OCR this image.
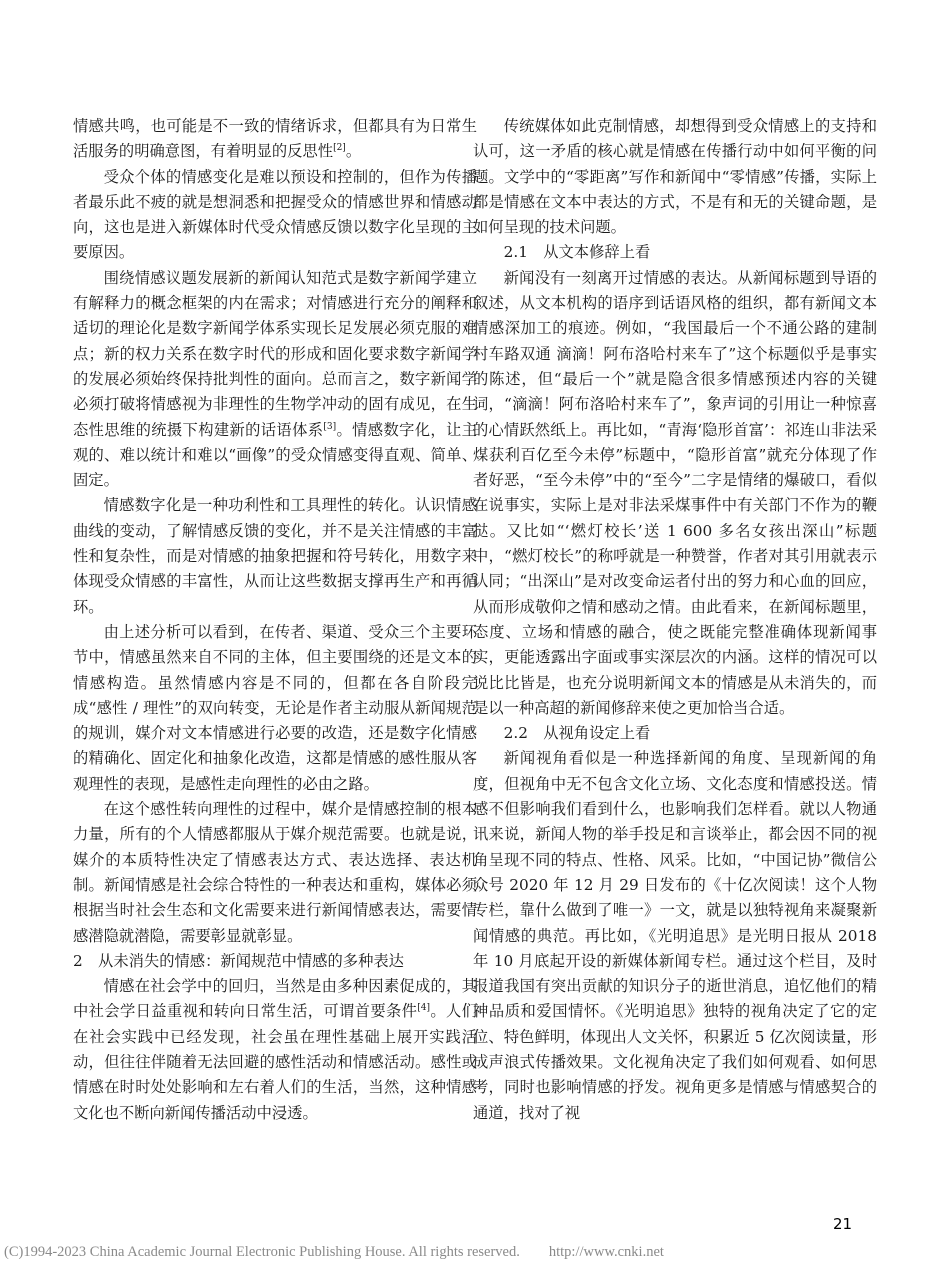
情感共鸣，也可能是不一致的情绪诉求，但都具有为日常生活服务的明确意图，有着明显的反思性[2]。

受众个体的情感变化是难以预设和控制的，但作为传播者最乐此不疲的就是想洞悉和把握受众的情感世界和情感动向，这也是进入新媒体时代受众情感反馈以数字化呈现的主要原因。

围绕情感议题发展新的新闻认知范式是数字新闻学建立有解释力的概念框架的内在需求；对情感进行充分的阐释和适切的理论化是数字新闻学体系实现长足发展必须克服的难点；新的权力关系在数字时代的形成和固化要求数字新闻学的发展必须始终保持批判性的面向。总而言之，数字新闻学必须打破将情感视为非理性的生物学冲动的固有成见，在生态性思维的统摄下构建新的话语体系[3]。情感数字化，让主观的、难以统计和难以“画像”的受众情感变得直观、简单、固定。

情感数字化是一种功利性和工具理性的转化。认识情感曲线的变动，了解情感反馈的变化，并不是关注情感的丰富性和复杂性，而是对情感的抽象把握和符号转化，用数字来体现受众情感的丰富性，从而让这些数据支撑再生产和再循环。

由上述分析可以看到，在传者、渠道、受众三个主要环节中，情感虽然来自不同的主体，但主要围绕的还是文本的情感构造。虽然情感内容是不同的，但都在各自阶段完成“感性 / 理性”的双向转变，无论是作者主动服从新闻规范的规训，媒介对文本情感进行必要的改造，还是数字化情感的精确化、固定化和抽象化改造，这都是情感的感性服从客观理性的表现，是感性走向理性的必由之路。

在这个感性转向理性的过程中，媒介是情感控制的根本力量，所有的个人情感都服从于媒介规范需要。也就是说，媒介的本质特性决定了情感表达方式、表达选择、表达机制。新闻情感是社会综合特性的一种表达和重构，媒体必须根据当时社会生态和文化需要来进行新闻情感表达，需要情感潜隐就潜隐，需要彰显就彰显。

2　从未消失的情感：新闻规范中情感的多种表达

情感在社会学中的回归，当然是由多种因素促成的，其中社会学日益重视和转向日常生活，可谓首要条件[4]。人们在社会实践中已经发现，社会虽在理性基础上展开实践活动，但往往伴随着无法回避的感性活动和情感活动。感性或情感在时时处处影响和左右着人们的生活，当然，这种情感文化也不断向新闻传播活动中浸透。

传统媒体如此克制情感，却想得到受众情感上的支持和认可，这一矛盾的核心就是情感在传播行动中如何平衡的问题。文学中的“零距离”写作和新闻中“零情感”传播，实际上都是情感在文本中表达的方式，不是有和无的关键命题，是如何呈现的技术问题。

2.1　从文本修辞上看

新闻没有一刻离开过情感的表达。从新闻标题到导语的叙述，从文本机构的语序到话语风格的组织，都有新闻文本情感深加工的痕迹。例如，“我国最后一个不通公路的建制村车路双通 滴滴！阿布洛哈村来车了”这个标题似乎是事实的陈述，但“最后一个”就是隐含很多情感预述内容的关键词，“滴滴！阿布洛哈村来车了”，象声词的引用让一种惊喜的心情跃然纸上。再比如，“青海‘隐形首富’：祁连山非法采煤获利百亿至今未停”标题中，“隐形首富”就充分体现了作者好恶，“至今未停”中的“至今”二字是情绪的爆破口，看似在说事实，实际上是对非法采煤事件中有关部门不作为的鞭挞。又比如“‘燃灯校长’送 1 600 多名女孩出深山”标题中，“燃灯校长”的称呼就是一种赞誉，作者对其引用就表示认同；“出深山”是对改变命运者付出的努力和心血的回应，从而形成敬仰之情和感动之情。由此看来，在新闻标题里，态度、立场和情感的融合，使之既能完整准确体现新闻事实，更能透露出字面或事实深层次的内涵。这样的情况可以说比比皆是，也充分说明新闻文本的情感是从未消失的，而是以一种高超的新闻修辞来使之更加恰当合适。

2.2　从视角设定上看

新闻视角看似是一种选择新闻的角度、呈现新闻的角度，但视角中无不包含文化立场、文化态度和情感投送。情感不但影响我们看到什么，也影响我们怎样看。就以人物通讯来说，新闻人物的举手投足和言谈举止，都会因不同的视角呈现不同的特点、性格、风采。比如，“中国记协”微信公众号 2020 年 12 月 29 日发布的《十亿次阅读！这个人物专栏，靠什么做到了唯一》一文，就是以独特视角来凝聚新闻情感的典范。再比如，《光明追思》是光明日报从 2018 年 10 月底起开设的新媒体新闻专栏。通过这个栏目，及时报道我国有突出贡献的知识分子的逝世消息，追忆他们的精神品质和爱国情怀。《光明追思》独特的视角决定了它的定位、特色鲜明，体现出人文关怀，积累近 5 亿次阅读量，形成声浪式传播效果。文化视角决定了我们如何观看、如何思考，同时也影响情感的抒发。视角更多是情感与情感契合的通道，找对了视

21
(C)1994-2023 China Academic Journal Electronic Publishing House. All rights reserved.　　http://www.cnki.net
